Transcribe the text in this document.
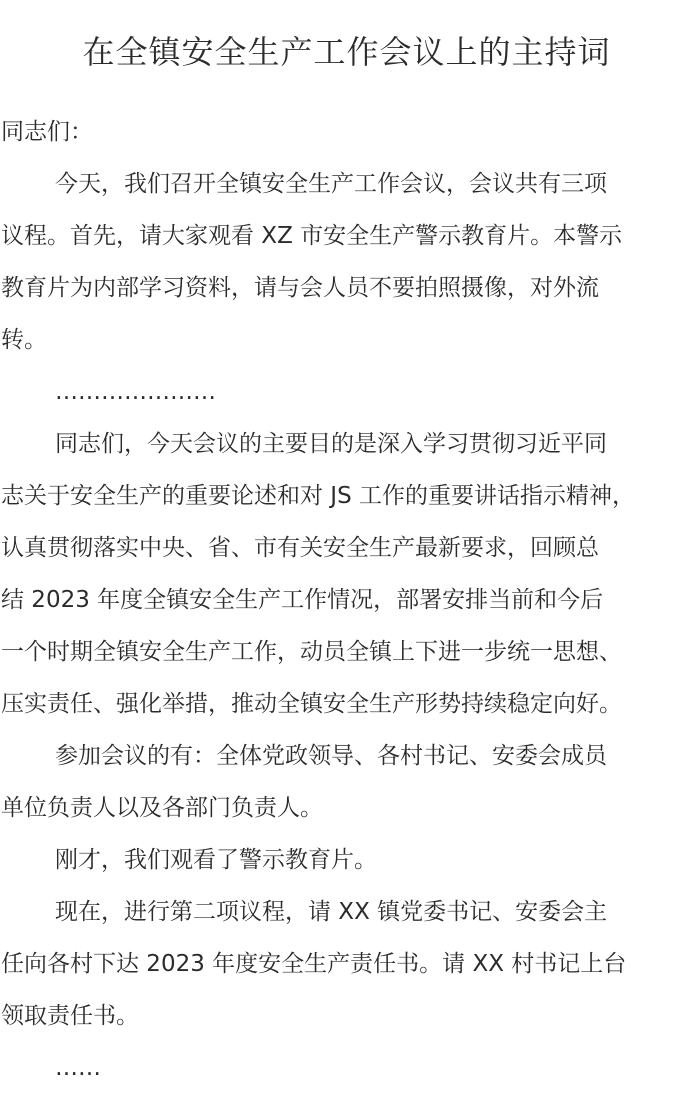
在全镇安全生产工作会议上的主持词
同志们：
今天，我们召开全镇安全生产工作会议，会议共有三项
议程。首先，请大家观看 XZ 市安全生产警示教育片。本警示
教育片为内部学习资料，请与会人员不要拍照摄像，对外流
转。
…………………
同志们，今天会议的主要目的是深入学习贯彻习近平同
志关于安全生产的重要论述和对 JS 工作的重要讲话指示精神，
认真贯彻落实中央、省、市有关安全生产最新要求，回顾总
结 2023 年度全镇安全生产工作情况，部署安排当前和今后
一个时期全镇安全生产工作，动员全镇上下进一步统一思想、
压实责任、强化举措，推动全镇安全生产形势持续稳定向好。
参加会议的有：全体党政领导、各村书记、安委会成员
单位负责人以及各部门负责人。
刚才，我们观看了警示教育片。
现在，进行第二项议程，请 XX 镇党委书记、安委会主
任向各村下达 2023 年度安全生产责任书。请 XX 村书记上台
领取责任书。
……
